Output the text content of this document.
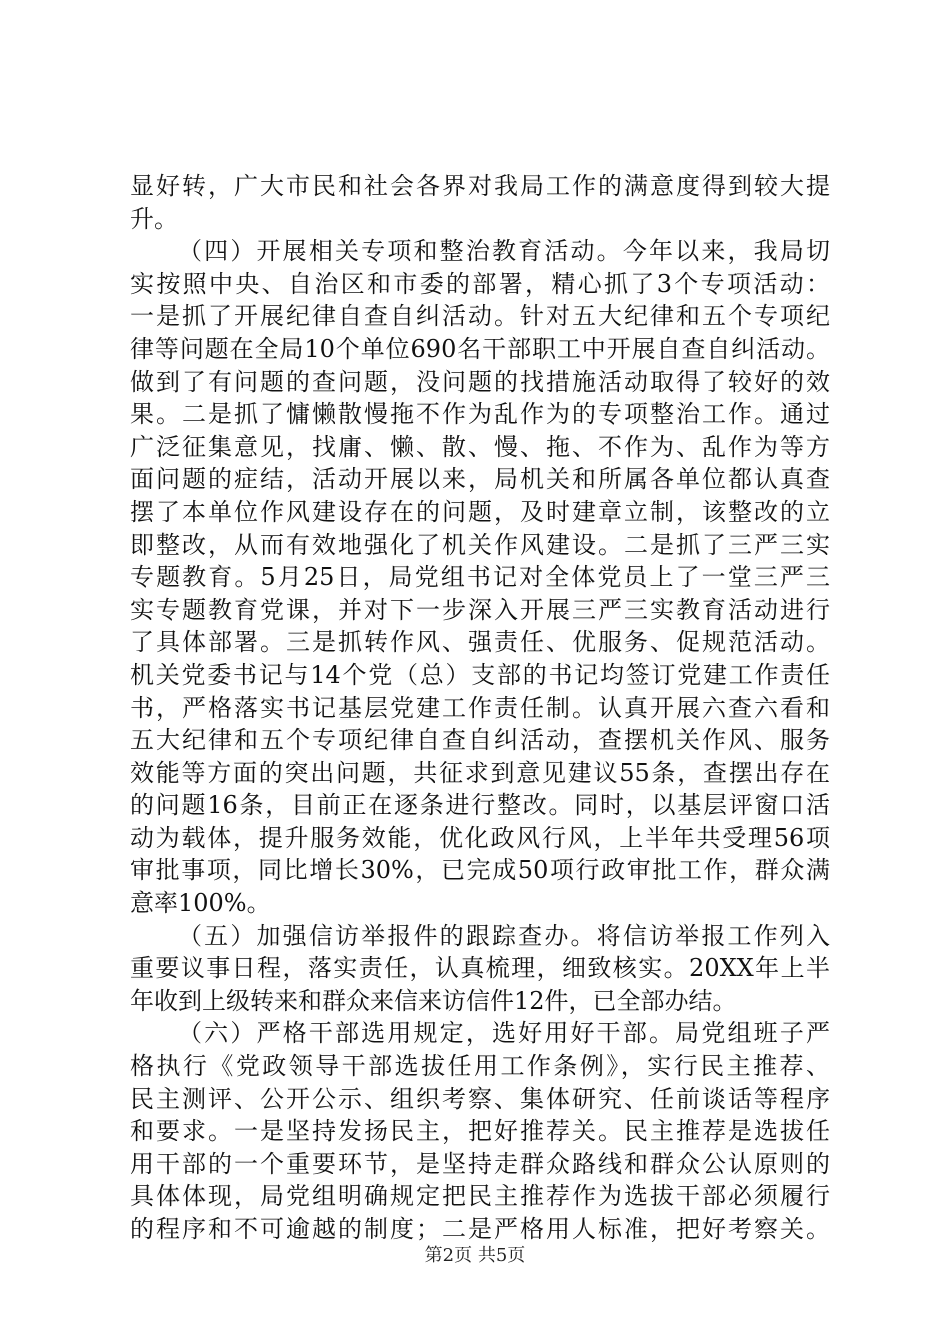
显好转，广大市民和社会各界对我局工作的满意度得到较大提
升。
（四）开展相关专项和整治教育活动。今年以来，我局切
实按照中央、自治区和市委的部署，精心抓了3个专项活动：
一是抓了开展纪律自查自纠活动。针对五大纪律和五个专项纪
律等问题在全局10个单位690名干部职工中开展自查自纠活动。
做到了有问题的查问题，没问题的找措施活动取得了较好的效
果。二是抓了慵懒散慢拖不作为乱作为的专项整治工作。通过
广泛征集意见，找庸、懒、散、慢、拖、不作为、乱作为等方
面问题的症结，活动开展以来，局机关和所属各单位都认真查
摆了本单位作风建设存在的问题，及时建章立制，该整改的立
即整改，从而有效地强化了机关作风建设。二是抓了三严三实
专题教育。5月25日，局党组书记对全体党员上了一堂三严三
实专题教育党课，并对下一步深入开展三严三实教育活动进行
了具体部署。三是抓转作风、强责任、优服务、促规范活动。
机关党委书记与14个党（总）支部的书记均签订党建工作责任
书，严格落实书记基层党建工作责任制。认真开展六查六看和
五大纪律和五个专项纪律自查自纠活动，查摆机关作风、服务
效能等方面的突出问题，共征求到意见建议55条，查摆出存在
的问题16条，目前正在逐条进行整改。同时，以基层评窗口活
动为载体，提升服务效能，优化政风行风，上半年共受理56项
审批事项，同比增长30%，已完成50项行政审批工作，群众满
意率100%。
（五）加强信访举报件的跟踪查办。将信访举报工作列入
重要议事日程，落实责任，认真梳理，细致核实。20XX年上半
年收到上级转来和群众来信来访信件12件，已全部办结。
（六）严格干部选用规定，选好用好干部。局党组班子严
格执行《党政领导干部选拔任用工作条例》，实行民主推荐、
民主测评、公开公示、组织考察、集体研究、任前谈话等程序
和要求。一是坚持发扬民主，把好推荐关。民主推荐是选拔任
用干部的一个重要环节，是坚持走群众路线和群众公认原则的
具体体现，局党组明确规定把民主推荐作为选拔干部必须履行
的程序和不可逾越的制度；二是严格用人标准，把好考察关。
第2页 共5页
